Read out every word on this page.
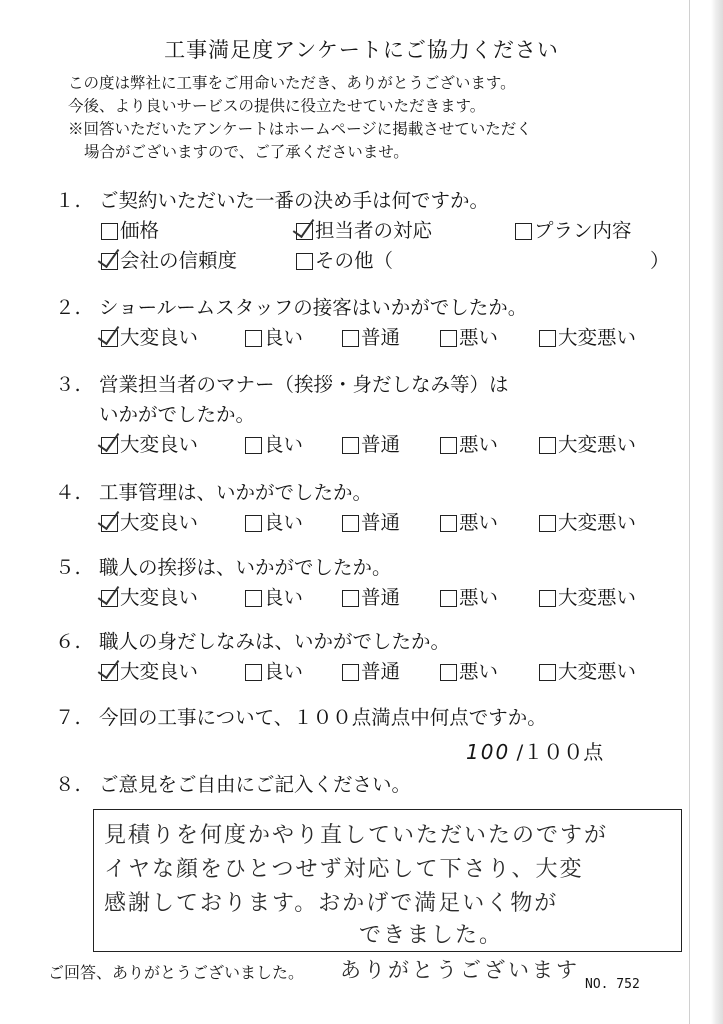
工事満足度アンケートにご協力ください
この度は弊社に工事をご用命いただき、ありがとうございます。
今後、より良いサービスの提供に役立たせていただきます。
※回答いただいたアンケートはホームページに掲載させていただく
場合がございますので、ご了承くださいませ。
１. ご契約いただいた一番の決め手は何ですか。
価格	担当者の対応	プラン内容
会社の信頼度	その他（	）
２. ショールームスタッフの接客はいかがでしたか。
大変良い	良い	普通	悪い	大変悪い
３. 営業担当者のマナー（挨拶・身だしなみ等）は
いかがでしたか。
大変良い	良い	普通	悪い	大変悪い
４. 工事管理は、いかがでしたか。
大変良い	良い	普通	悪い	大変悪い
５. 職人の挨拶は、いかがでしたか。
大変良い	良い	普通	悪い	大変悪い
６. 職人の身だしなみは、いかがでしたか。
大変良い	良い	普通	悪い	大変悪い
７. 今回の工事について、１００点満点中何点ですか。
100 /１００点
８. ご意見をご自由にご記入ください。
見積りを何度かやり直していただいたのですが
イヤな顔をひとつせず対応して下さり、大変
感謝しております。おかげで満足いく物が
できました。
ご回答、ありがとうございました。 ありがとうございます
NO. 752
